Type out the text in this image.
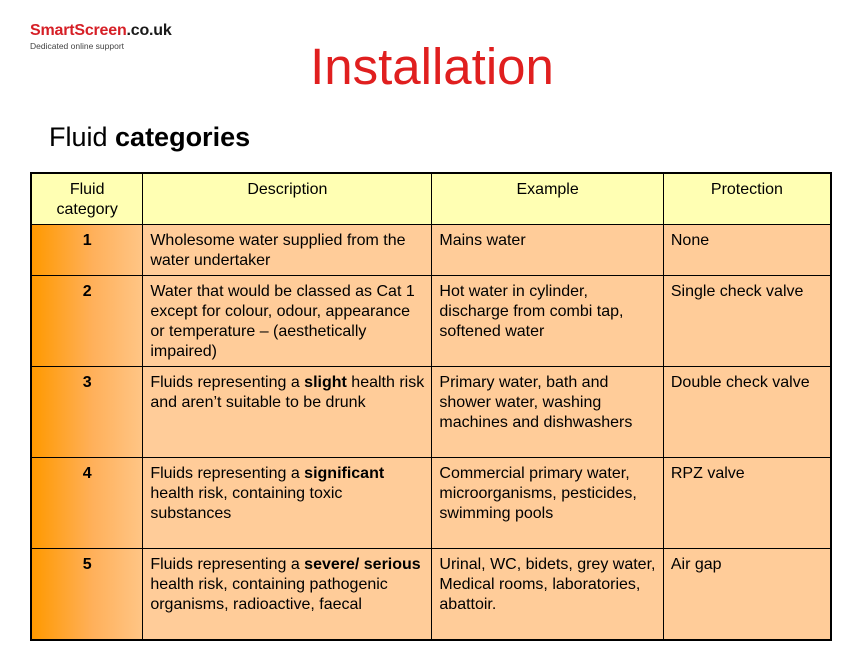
SmartScreen.co.uk
Dedicated online support	Installation
Fluid categories
Fluid category	Description	Example	Protection
1	Wholesome water supplied from the water undertaker	Mains water	None
2	Water that would be classed as Cat 1 except for colour, odour, appearance or temperature – (aesthetically impaired)	Hot water in cylinder, discharge from combi tap, softened water	Single check valve
3	Fluids representing a slight health risk and aren’t suitable to be drunk	Primary water, bath and shower water, washing machines and dishwashers	Double check valve
4	Fluids representing a significant health risk, containing toxic substances	Commercial primary water, microorganisms, pesticides, swimming pools	RPZ valve
5	Fluids representing a severe/ serious health risk, containing pathogenic organisms, radioactive, faecal	Urinal, WC, bidets, grey water, Medical rooms, laboratories, abattoir.	Air gap
